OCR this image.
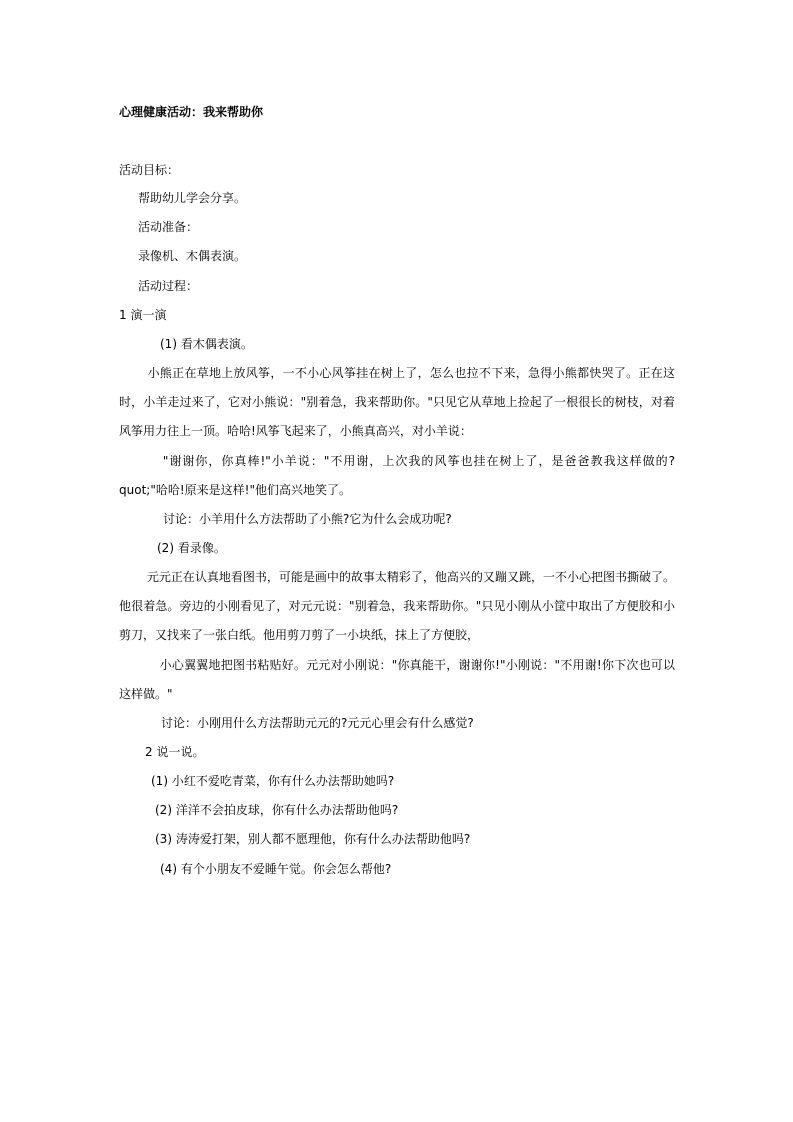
心理健康活动：我来帮助你
活动目标：
帮助幼儿学会分享。
活动准备：
录像机、木偶表演。
活动过程：
1 演一演
(1) 看木偶表演。
　　 小熊正在草地上放风筝，一不小心风筝挂在树上了，怎么也拉不下来，急得小熊都快哭了。正在这时，小羊走过来了，它对小熊说："别着急，我来帮助你。"只见它从草地上捡起了一根很长的树枝，对着风筝用力往上一顶。哈哈!风筝飞起来了，小熊真高兴，对小羊说：
　　　 "谢谢你，你真棒!"小羊说："不用谢，上次我的风筝也挂在树上了，是爸爸教我这样做的?quot;"哈哈!原来是这样!"他们高兴地笑了。
讨论：小羊用什么方法帮助了小熊?它为什么会成功呢?
(2) 看录像。
　　 元元正在认真地看图书，可能是画中的故事太精彩了，他高兴的又蹦又跳，一不小心把图书撕破了。他很着急。旁边的小刚看见了，对元元说："别着急，我来帮助你。"只见小刚从小筐中取出了方便胶和小剪刀，又找来了一张白纸。他用剪刀剪了一小块纸，抹上了方便胶，
　　　 小心翼翼地把图书粘贴好。元元对小刚说："你真能干，谢谢你!"小刚说："不用谢!你下次也可以这样做。"
讨论：小刚用什么方法帮助元元的?元元心里会有什么感觉?
2 说一说。
(1) 小红不爱吃青菜，你有什么办法帮助她吗?
(2) 洋洋不会拍皮球，你有什么办法帮助他吗?
(3) 涛涛爱打架，别人都不愿理他，你有什么办法帮助他吗?
(4) 有个小朋友不爱睡午觉。你会怎么帮他?
